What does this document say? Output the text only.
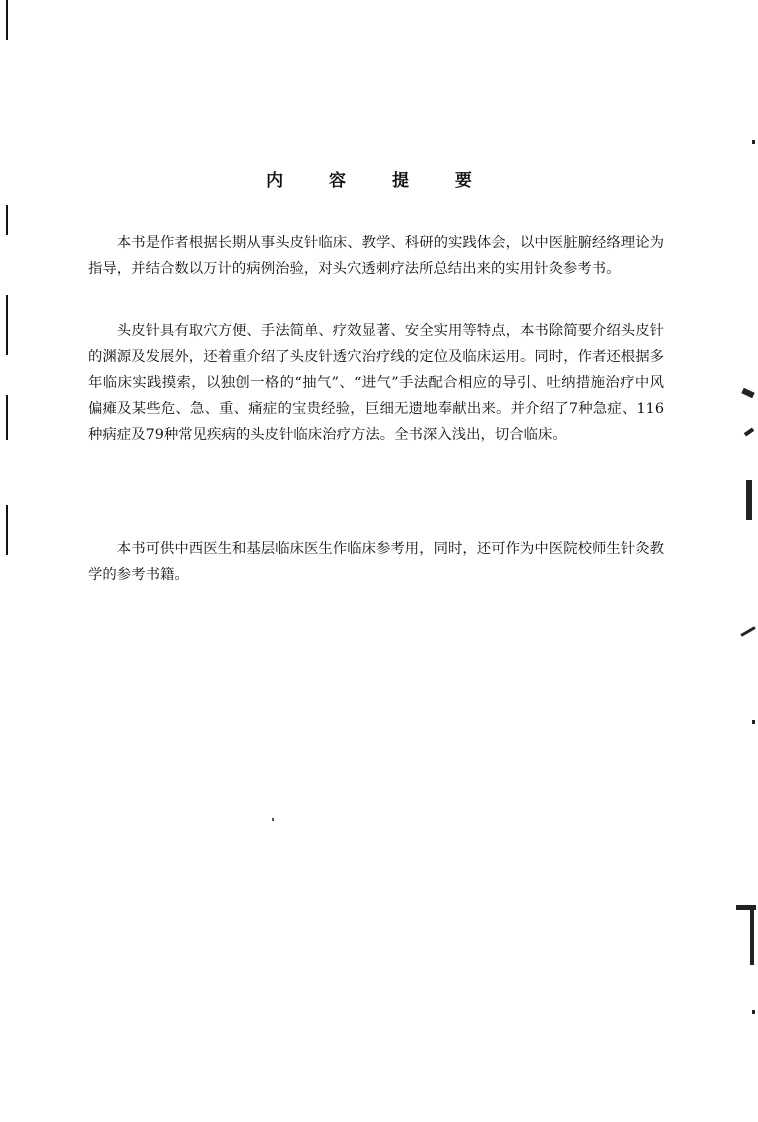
内 容 提 要

本书是作者根据长期从事头皮针临床、教学、科研的实践体会，以中医脏腑经络理论为指导，并结合数以万计的病例治验，对头穴透刺疗法所总结出来的实用针灸参考书。

头皮针具有取穴方便、手法简单、疗效显著、安全实用等特点，本书除简要介绍头皮针的渊源及发展外，还着重介绍了头皮针透穴治疗线的定位及临床运用。同时，作者还根据多年临床实践摸索，以独创一格的“抽气”、“进气”手法配合相应的导引、吐纳措施治疗中风偏瘫及某些危、急、重、痛症的宝贵经验，巨细无遗地奉献出来。并介绍了7种急症、116种病症及79种常见疾病的头皮针临床治疗方法。全书深入浅出，切合临床。

本书可供中西医生和基层临床医生作临床参考用，同时，还可作为中医院校师生针灸教学的参考书籍。
